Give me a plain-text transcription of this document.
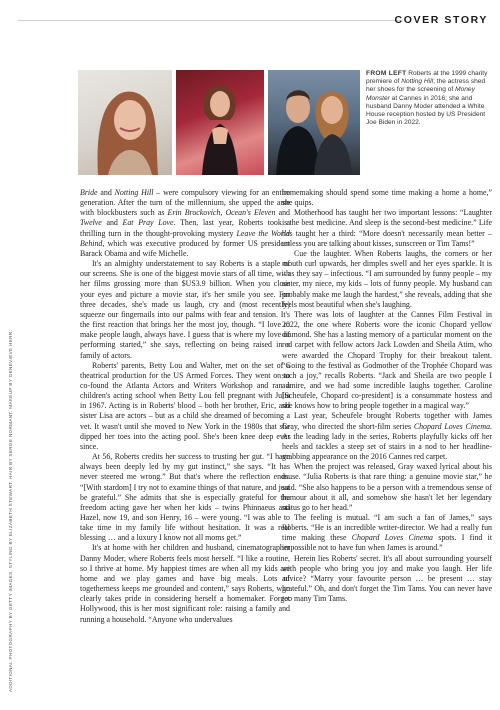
COVER STORY
FROM LEFT Roberts at the 1999 charity premiere of Notting Hill; the actress shed her shoes for the screening of Money Monster at Cannes in 2016; she and husband Danny Moder attended a White House reception hosted by US President Joe Biden in 2022.
ADDITIONAL PHOTOGRAPHY BY GETTY IMAGES. STYLING BY ELIZABETH STEWART. HAIR BY SERGE NORMANT. MAKEUP BY GENEVIEVE HERR.

Bride and Notting Hill – were compulsory viewing for an entire generation. After the turn of the millennium, she upped the ante with blockbusters such as Erin Brockovich, Ocean's Eleven and Twelve and Eat Pray Love. Then, last year, Roberts took a thrilling turn in the thought-provoking mystery Leave the World Behind, which was executive produced by former US president Barack Obama and wife Michelle.

It's an almighty understatement to say Roberts is a staple of our screens. She is one of the biggest movie stars of all time, with her films grossing more than $US3.9 billion. When you close your eyes and picture a movie star, it's her smile you see. For three decades, she's made us laugh, cry and (most recently) squeeze our fingernails into our palms with fear and tension. It's the first reaction that brings her the most joy, though. “I love to make people laugh, always have. I guess that is where my love of performing started,” she says, reflecting on being raised in a family of actors.

Roberts' parents, Betty Lou and Walter, met on the set of a theatrical production for the US Armed Forces. They went on to co-found the Atlanta Actors and Writers Workshop and ran a children's acting school when Betty Lou fell pregnant with Julia in 1967. Acting is in Roberts' blood – both her brother, Eric, and sister Lisa are actors – but as a child she dreamed of becoming a vet. It wasn't until she moved to New York in the 1980s that she dipped her toes into the acting pool. She's been knee deep ever since.

At 56, Roberts credits her success to trusting her gut. “I have always been deeply led by my gut instinct,” she says. “It has never steered me wrong.” But that's where the reflection ends. “[With stardom] I try not to examine things of that nature, and just be grateful.” She admits that she is especially grateful for the freedom acting gave her when her kids – twins Phinnaeus and Hazel, now 19, and son Henry, 16 – were young. “I was able to take time in my family life without hesitation. It was a real blessing … and a luxury I know not all moms get.”

It's at home with her children and husband, cinematographer Danny Moder, where Roberts feels most herself. “I like a routine, so I thrive at home. My happiest times are when all my kids are home and we play games and have big meals. Lots of togetherness keeps me grounded and content,” says Roberts, who clearly takes pride in considering herself a homemaker. Forget Hollywood, this is her most significant role: raising a family and running a household. “Anyone who undervalues

homemaking should spend some time making a home a home,” she quips.

Motherhood has taught her two important lessons: “Laughter is the best medicine. And sleep is the second-best medicine.” Life has taught her a third: “More doesn't necessarily mean better – unless you are talking about kisses, sunscreen or Tim Tams!”

Cue the laughter. When Roberts laughs, the corners or her mouth curl upwards, her dimples swell and her eyes sparkle. It is – as they say – infectious. “I am surrounded by funny people – my sister, my niece, my kids – lots of funny people. My husband can probably make me laugh the hardest,” she reveals, adding that she feels most beautiful when she's laughing.

There was lots of laughter at the Cannes Film Festival in 2022, the one where Roberts wore the iconic Chopard yellow diamond. She has a lasting memory of a particular moment on the red carpet with fellow actors Jack Lowden and Sheila Atim, who were awarded the Chopard Trophy for their breakout talent. “Going to the festival as Godmother of the Trophée Chopard was such a joy,” recalls Roberts. “Jack and Sheila are two people I admire, and we had some incredible laughs together. Caroline [Scheufele, Chopard co-president] is a consummate hostess and she knows how to bring people together in a magical way.”

Last year, Scheufele brought Roberts together with James Gray, who directed the short-film series Chopard Loves Cinema. As the leading lady in the series, Roberts playfully kicks off her heels and tackles a steep set of stairs in a nod to her headline-grabbing appearance on the 2016 Cannes red carpet.

When the project was released, Gray waxed lyrical about his muse. “Julia Roberts is that rare thing: a genuine movie star,” he said. “She also happens to be a person with a tremendous sense of humour about it all, and somehow she hasn't let her legendary status go to her head.”

The feeling is mutual. “I am such a fan of James,” says Roberts. “He is an incredible writer-director. We had a really fun time making these Chopard Loves Cinema spots. I find it impossible not to have fun when James is around.”

Herein lies Roberts' secret. It's all about surrounding yourself with people who bring you joy and make you laugh. Her life advice? “Marry your favourite person … be present … stay grateful.” Oh, and don't forget the Tim Tams. You can never have too many Tim Tams.
